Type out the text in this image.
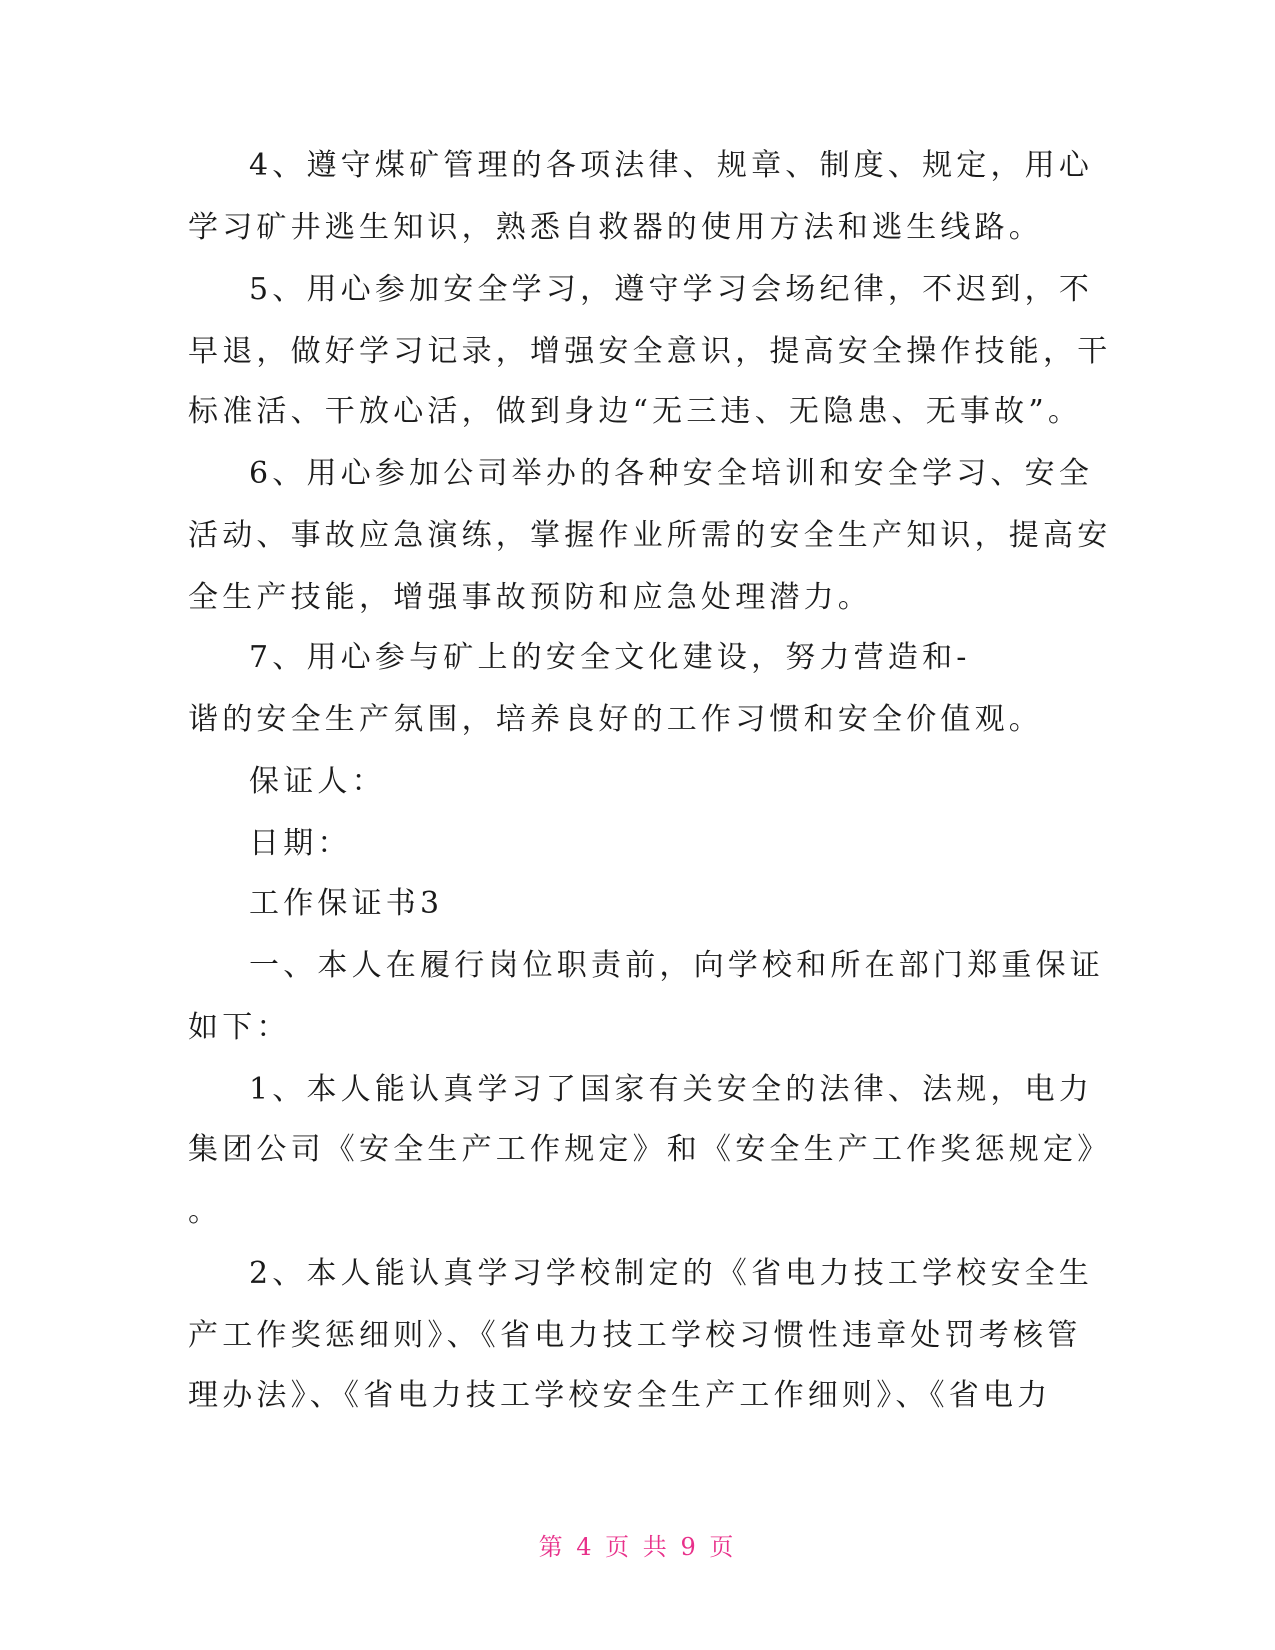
4、遵守煤矿管理的各项法律、规章、制度、规定，用心
学习矿井逃生知识，熟悉自救器的使用方法和逃生线路。
5、用心参加安全学习，遵守学习会场纪律，不迟到，不
早退，做好学习记录，增强安全意识，提高安全操作技能，干
标准活、干放心活，做到身边“无三违、无隐患、无事故”。
6、用心参加公司举办的各种安全培训和安全学习、安全
活动、事故应急演练，掌握作业所需的安全生产知识，提高安
全生产技能，增强事故预防和应急处理潜力。
7、用心参与矿上的安全文化建设，努力营造和-
谐的安全生产氛围，培养良好的工作习惯和安全价值观。
保证人：
日期：
工作保证书3
一、本人在履行岗位职责前，向学校和所在部门郑重保证
如下：
1、本人能认真学习了国家有关安全的法律、法规，电力
集团公司《安全生产工作规定》和《安全生产工作奖惩规定》
。
2、本人能认真学习学校制定的《省电力技工学校安全生
产工作奖惩细则》、《省电力技工学校习惯性违章处罚考核管
理办法》、《省电力技工学校安全生产工作细则》、《省电力
第 4 页 共 9 页
